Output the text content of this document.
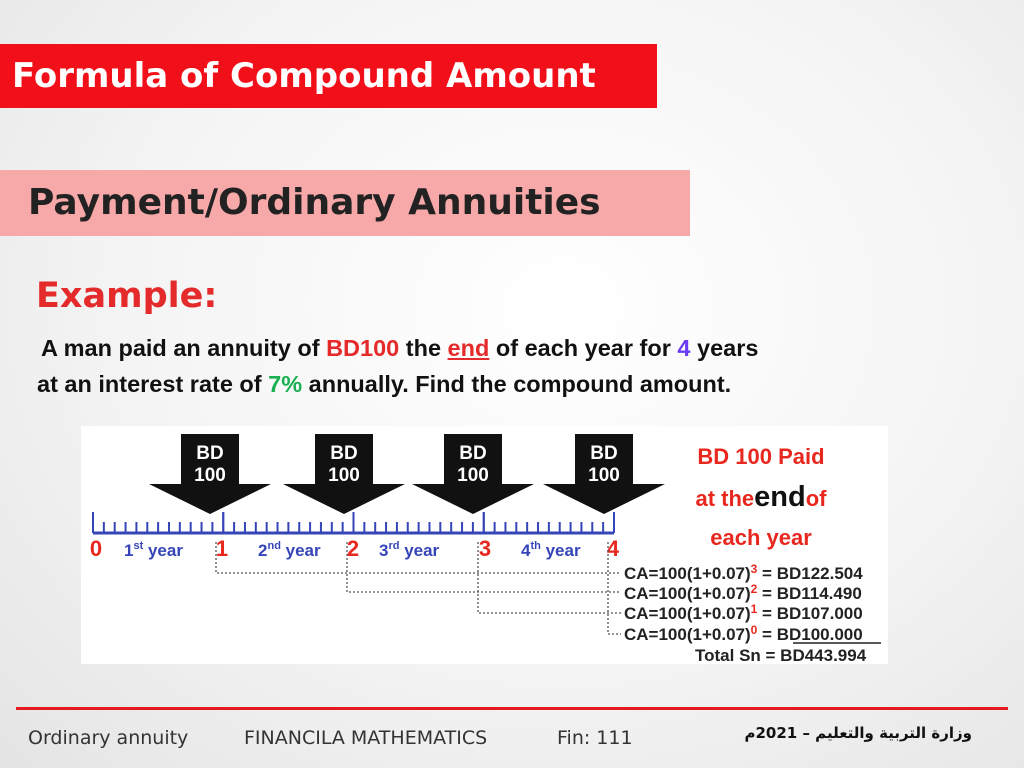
Formula of Compound Amount
Payment/Ordinary Annuities
Example:
A man paid an annuity of BD100 the end of each year for 4 years
at an interest rate of 7% annually. Find the compound amount.
BD
100
BD
100
BD
100
BD
100
BD 100 Paid
at theendof
each year
0	1	2	3	4
1st year	2nd year	3rd year	4th year
$CA=100(1+0.07)^3 = BD122.504$
$CA=100(1+0.07)^2 = BD114.490$
$CA=100(1+0.07)^1 = BD107.000$
$CA=100(1+0.07)^0 = BD100.000$
Total Sn = BD443.994
Ordinary annuity	FINANCILA MATHEMATICS	Fin: 111	وزارة التربية والتعليم – 2021م
